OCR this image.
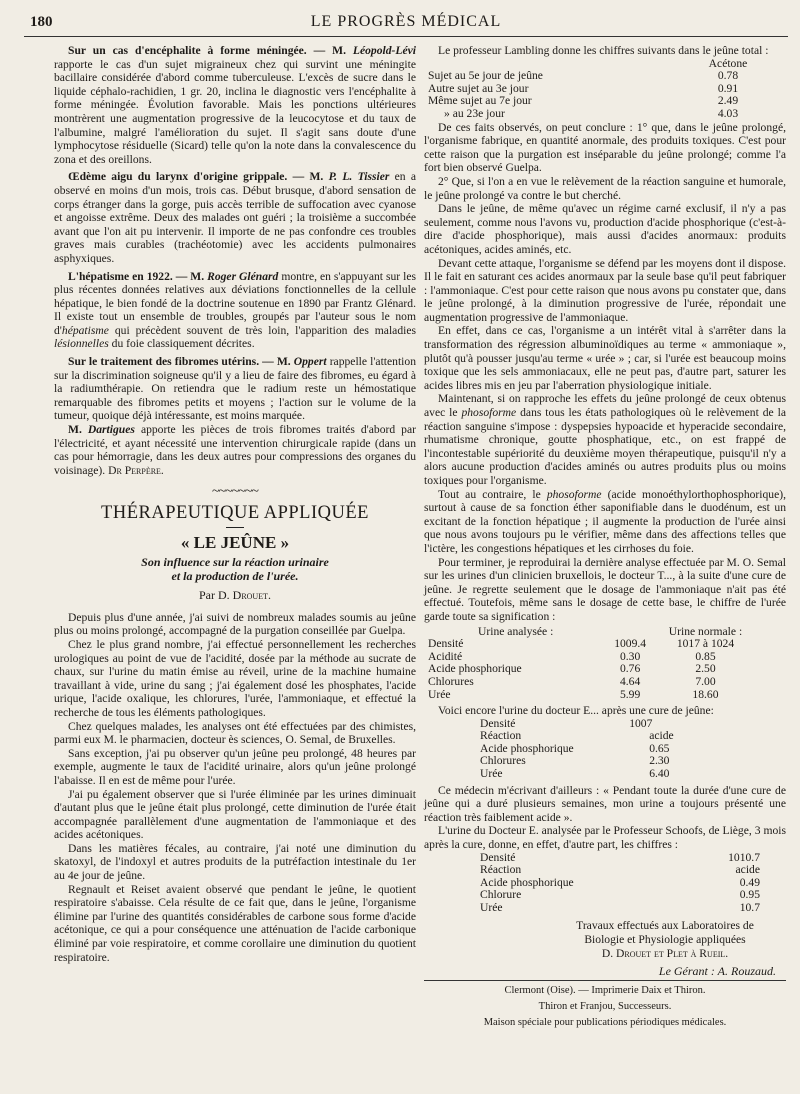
180	LE PROGRÈS MÉDICAL

Sur un cas d'encéphalite à forme méningée. — M. Léopold-Lévi rapporte le cas d'un sujet migraineux chez qui survint une méningite bacillaire considérée d'abord comme tuberculeuse. L'excès de sucre dans le liquide céphalo-rachidien, 1 gr. 20, inclina le diagnostic vers l'encéphalite à forme méningée. Évolution favorable. Mais les ponctions ultérieures montrèrent une augmentation progressive de la leucocytose et du taux de l'albumine, malgré l'amélioration du sujet. Il s'agit sans doute d'une lymphocytose résiduelle (Sicard) telle qu'on la note dans la convalescence du zona et des oreillons.

Œdème aigu du larynx d'origine grippale. — M. P. L. Tissier en a observé en moins d'un mois, trois cas. Début brusque, d'abord sensation de corps étranger dans la gorge, puis accès terrible de suffocation avec cyanose et angoisse extrême. Deux des malades ont guéri ; la troisième a succombée avant que l'on ait pu intervenir. Il importe de ne pas confondre ces troubles graves mais curables (trachéotomie) avec les accidents pulmonaires asphyxiques.

L'hépatisme en 1922. — M. Roger Glénard montre, en s'appuyant sur les plus récentes données relatives aux déviations fonctionnelles de la cellule hépatique, le bien fondé de la doctrine soutenue en 1890 par Frantz Glénard. Il existe tout un ensemble de troubles, groupés par l'auteur sous le nom d'hépatisme qui précèdent souvent de très loin, l'apparition des maladies lésionnelles du foie classiquement décrites.

Sur le traitement des fibromes utérins. — M. Oppert rappelle l'attention sur la discrimination soigneuse qu'il y a lieu de faire des fibromes, eu égard à la radiumthérapie. On retiendra que le radium reste un hémostatique remarquable des fibromes petits et moyens ; l'action sur le volume de la tumeur, quoique déjà intéressante, est moins marquée.

M. Dartigues apporte les pièces de trois fibromes traités d'abord par l'électricité, et ayant nécessité une intervention chirurgicale rapide (dans un cas pour hémorragie, dans les deux autres pour compressions des organes du voisinage). Dr Perpère.

~~~~~~~
THÉRAPEUTIQUE APPLIQUÉE
« LE JEÛNE »
Son influence sur la réaction urinaire
et la production de l'urée.
Par D. Drouet.

Depuis plus d'une année, j'ai suivi de nombreux malades soumis au jeûne plus ou moins prolongé, accompagné de la purgation conseillée par Guelpa.

Chez le plus grand nombre, j'ai effectué personnellement les recherches urologiques au point de vue de l'acidité, dosée par la méthode au sucrate de chaux, sur l'urine du matin émise au réveil, urine de la machine humaine travaillant à vide, urine du sang ; j'ai également dosé les phosphates, l'acide urique, l'acide oxalique, les chlorures, l'urée, l'ammoniaque, et effectué la recherche de tous les éléments pathologiques.

Chez quelques malades, les analyses ont été effectuées par des chimistes, parmi eux M. le pharmacien, docteur ès sciences, O. Semal, de Bruxelles.

Sans exception, j'ai pu observer qu'un jeûne peu prolongé, 48 heures par exemple, augmente le taux de l'acidité urinaire, alors qu'un jeûne prolongé l'abaisse. Il en est de même pour l'urée.

J'ai pu également observer que si l'urée éliminée par les urines diminuait d'autant plus que le jeûne était plus prolongé, cette diminution de l'urée était accompagnée parallèlement d'une augmentation de l'ammoniaque et des acides acétoniques.

Dans les matières fécales, au contraire, j'ai noté une diminution du skatoxyl, de l'indoxyl et autres produits de la putréfaction intestinale du 1er au 4e jour de jeûne.

Regnault et Reiset avaient observé que pendant le jeûne, le quotient respiratoire s'abaisse. Cela résulte de ce fait que, dans le jeûne, l'organisme élimine par l'urine des quantités considérables de carbone sous forme d'acide acétonique, ce qui a pour conséquence une atténuation de l'acide carbonique éliminé par voie respiratoire, et comme corollaire une diminution du quotient respiratoire.

Le professeur Lambling donne les chiffres suivants dans le jeûne total :

	Acétone
Sujet au 5e jour de jeûne	0.78
Autre sujet au 3e jour	0.91
Même sujet au 7e jour	2.49
» au 23e jour	4.03

De ces faits observés, on peut conclure : 1° que, dans le jeûne prolongé, l'organisme fabrique, en quantité anormale, des produits toxiques. C'est pour cette raison que la purgation est inséparable du jeûne prolongé; comme l'a fort bien observé Guelpa.

2° Que, si l'on a en vue le relèvement de la réaction sanguine et humorale, le jeûne prolongé va contre le but cherché.

Dans le jeûne, de même qu'avec un régime carné exclusif, il n'y a pas seulement, comme nous l'avons vu, production d'acide phosphorique (c'est-à-dire d'acide phosphorique), mais aussi d'acides anormaux: produits acétoniques, acides aminés, etc.

Devant cette attaque, l'organisme se défend par les moyens dont il dispose. Il le fait en saturant ces acides anormaux par la seule base qu'il peut fabriquer : l'ammoniaque. C'est pour cette raison que nous avons pu constater que, dans le jeûne prolongé, à la diminution progressive de l'urée, répondait une augmentation progressive de l'ammoniaque.

En effet, dans ce cas, l'organisme a un intérêt vital à s'arrêter dans la transformation des régression albuminoïdiques au terme « ammoniaque », plutôt qu'à pousser jusqu'au terme « urée » ; car, si l'urée est beaucoup moins toxique que les sels ammoniacaux, elle ne peut pas, d'autre part, saturer les acides libres mis en jeu par l'aberration physiologique initiale.

Maintenant, si on rapproche les effets du jeûne prolongé de ceux obtenus avec le phosoforme dans tous les états pathologiques où le relèvement de la réaction sanguine s'impose : dyspepsies hypoacide et hyperacide secondaire, rhumatisme chronique, goutte phosphatique, etc., on est frappé de l'incontestable supériorité du deuxième moyen thérapeutique, puisqu'il n'y a alors aucune production d'acides aminés ou autres produits plus ou moins toxiques pour l'organisme.

Tout au contraire, le phosoforme (acide monoéthylorthophosphorique), surtout à cause de sa fonction éther saponifiable dans le duodénum, est un excitant de la fonction hépatique ; il augmente la production de l'urée ainsi que nous avons toujours pu le vérifier, même dans des affections telles que l'ictère, les congestions hépatiques et les cirrhoses du foie.

Pour terminer, je reproduirai la dernière analyse effectuée par M. O. Semal sur les urines d'un clinicien bruxellois, le docteur T..., à la suite d'une cure de jeûne. Je regrette seulement que le dosage de l'ammoniaque n'ait pas été effectué. Toutefois, même sans le dosage de cette base, le chiffre de l'urée garde toute sa signification :

Urine analysée :		Urine normale :
Densité	1009.4	1017 à 1024
Acidité	0.30	0.85
Acide phosphorique	0.76	2.50
Chlorures	4.64	7.00
Urée	5.99	18.60

Voici encore l'urine du docteur E... après une cure de jeûne:

Densité	1007
Réaction	acide
Acide phosphorique	0.65
Chlorures	2.30
Urée	6.40

Ce médecin m'écrivant d'ailleurs : « Pendant toute la durée d'une cure de jeûne qui a duré plusieurs semaines, mon urine a toujours présenté une réaction très faiblement acide ».

L'urine du Docteur E. analysée par le Professeur Schoofs, de Liège, 3 mois après la cure, donne, en effet, d'autre part, les chiffres :

Densité	1010.7
Réaction	acide
Acide phosphorique	0.49
Chlorure	0.95
Urée	10.7
Travaux effectués aux Laboratoires de
Biologie et Physiologie appliquées
D. Drouet et Plet à Rueil.
Le Gérant : A. Rouzaud.
Clermont (Oise). — Imprimerie Daix et Thiron.
Thiron et Franjou, Successeurs.
Maison spéciale pour publications périodiques médicales.
